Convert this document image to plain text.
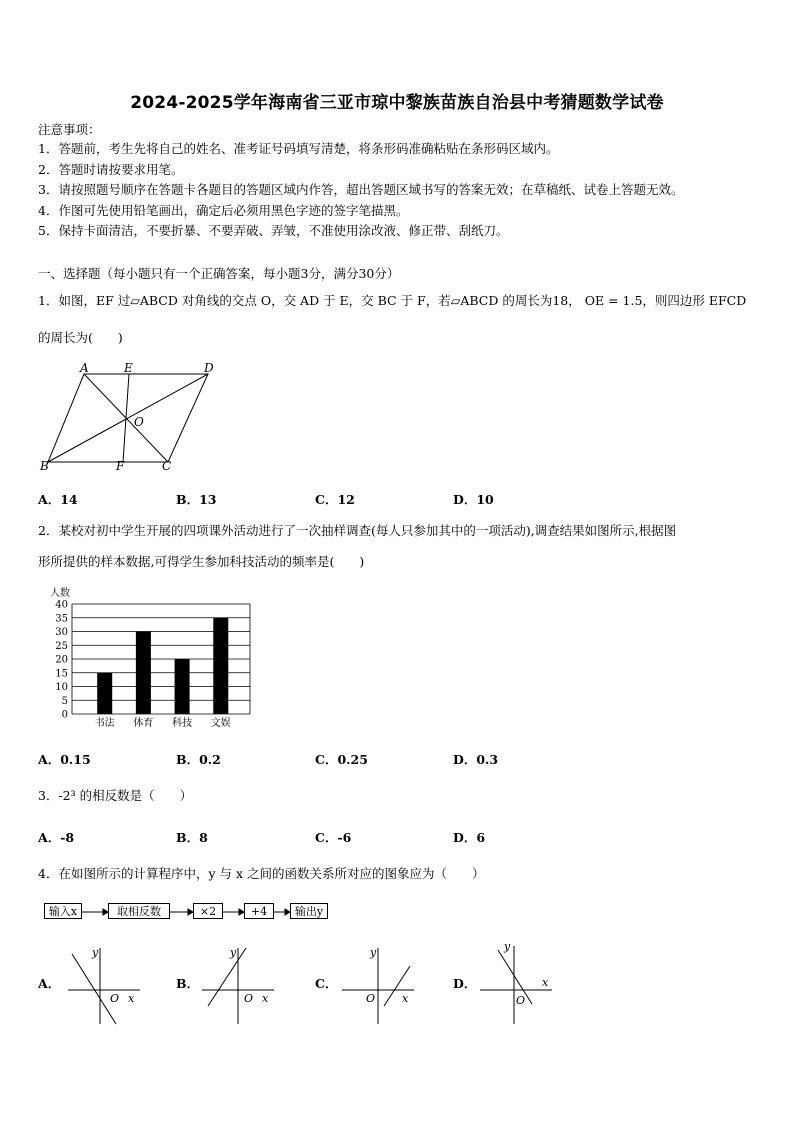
2024-2025学年海南省三亚市琼中黎族苗族自治县中考猜题数学试卷
注意事项：
1．答题前，考生先将自己的姓名、准考证号码填写清楚，将条形码准确粘贴在条形码区域内。
2．答题时请按要求用笔。
3．请按照题号顺序在答题卡各题目的答题区域内作答，超出答题区域书写的答案无效；在草稿纸、试卷上答题无效。
4．作图可先使用铅笔画出，确定后必须用黑色字迹的签字笔描黑。
5．保持卡面清洁，不要折暴、不要弄破、弄皱，不准使用涂改液、修正带、刮纸刀。
一、选择题（每小题只有一个正确答案，每小题3分，满分30分）
1．如图，EF 过▱ABCD 对角线的交点 O，交 AD 于 E，交 BC 于 F，若▱ABCD 的周长为18， OE = 1.5，则四边形 EFCD
的周长为(　　)
A	E	D
O
B	F	C
A．14	B．13	C．12	D．10
2．某校对初中学生开展的四项课外活动进行了一次抽样调查(每人只参加其中的一项活动),调查结果如图所示,根据图
形所提供的样本数据,可得学生参加科技活动的频率是(　　)
人数
0
5
10
15
20
25
30
35
40
书法 体育 科技 文娱
A．0.15	B．0.2	C．0.25	D．0.3
3．-2³ 的相反数是（　　）
A．-8	B．8	C．-6	D．6
4．在如图所示的计算程序中，y 与 x 之间的函数关系所对应的图象应为（　　）
输入x	取相反数	×2	+4	输出y
A．
y
O x
B．
y
O x
C．
y
O x
D．
y
O
x
